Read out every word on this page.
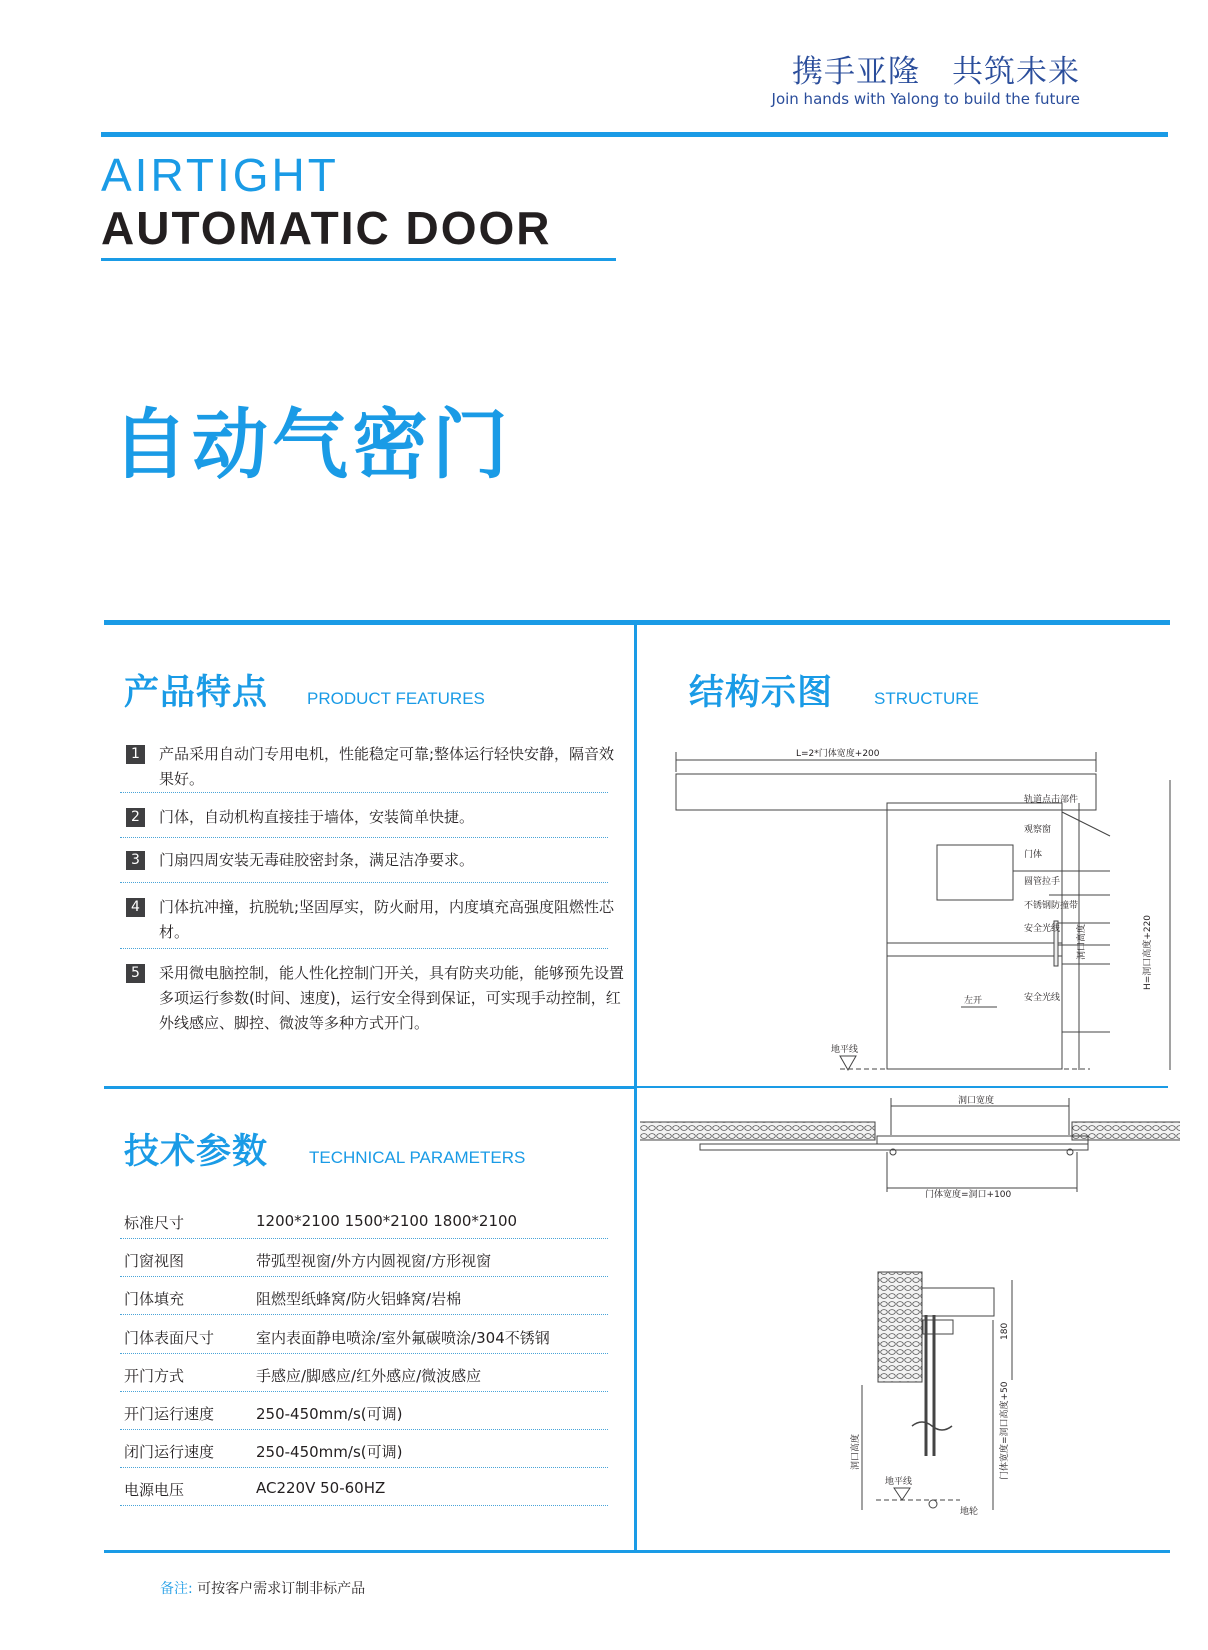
携手亚隆　共筑未来
Join hands with Yalong to build the future
AIRTIGHT
AUTOMATIC DOOR
自动气密门
产品特点 PRODUCT FEATURES
1	产品采用自动门专用电机，性能稳定可靠;整体运行轻快安静，隔音效果好。
2	门体，自动机构直接挂于墙体，安装简单快捷。
3	门扇四周安装无毒硅胶密封条，满足洁净要求。
4	门体抗冲撞，抗脱轨;坚固厚实，防火耐用，内度填充高强度阻燃性芯材。
5	采用微电脑控制，能人性化控制门开关，具有防夹功能，能够预先设置多项运行参数(时间、速度)，运行安全得到保证，可实现手动控制，红外线感应、脚控、微波等多种方式开门。
技术参数 TECHNICAL PARAMETERS
标准尺寸	1200*2100 1500*2100 1800*2100
门窗视图	带弧型视窗/外方内圆视窗/方形视窗
门体填充	阻燃型纸蜂窝/防火铝蜂窝/岩棉
门体表面尺寸	室内表面静电喷涂/室外氟碳喷涂/304不锈钢
开门方式	手感应/脚感应/红外感应/微波感应
开门运行速度	250-450mm/s(可调)
闭门运行速度	250-450mm/s(可调)
电源电压	AC220V 50-60HZ
结构示图 STRUCTURE
L=2*门体宽度+200
轨道点击部件
观察窗
门体
圆管拉手
不锈钢防撞带
安全光线
安全光线
左开
地平线
洞口高度	H=洞口高度+220
洞口宽度
门体宽度=洞口+100
180
洞口高度	门体宽度=洞口高度+50
地平线
地轮
备注: 可按客户需求订制非标产品
